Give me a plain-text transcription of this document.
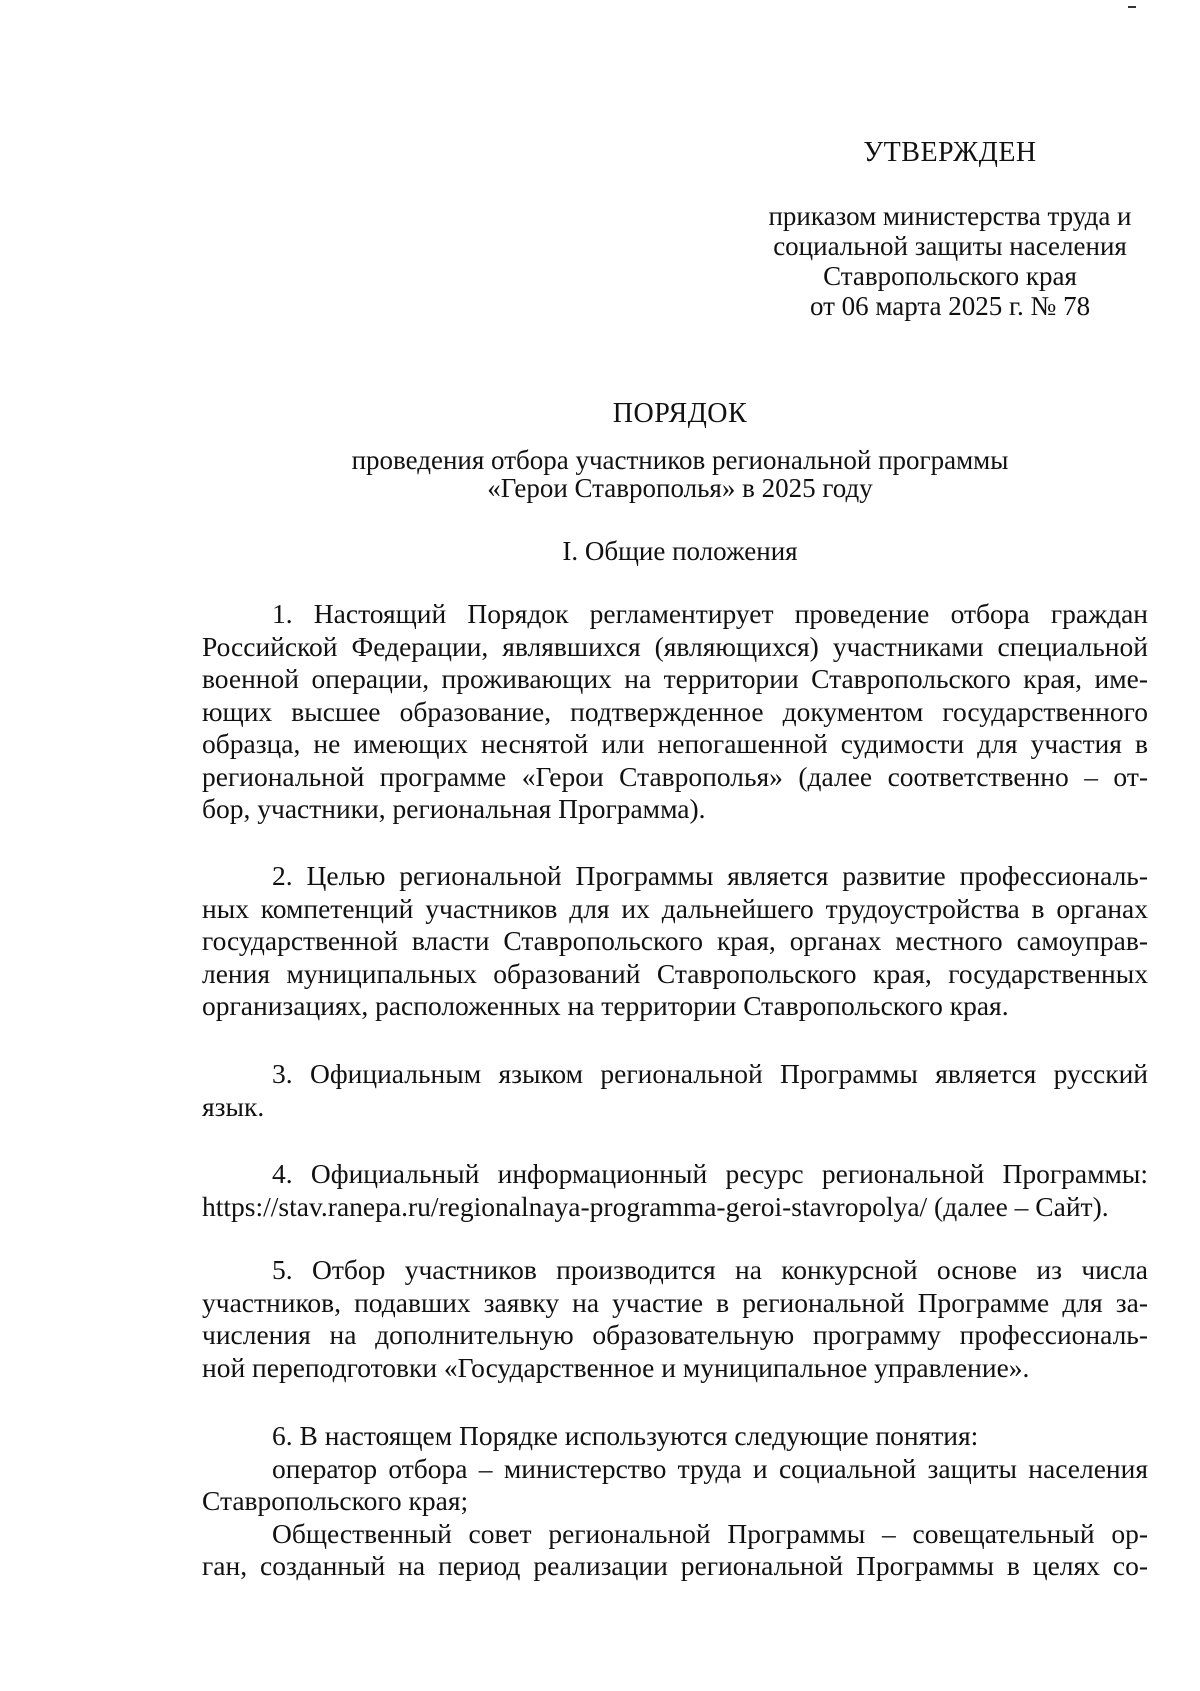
УТВЕРЖДЕН
приказом министерства труда и
социальной защиты населения
Ставропольского края
от 06 марта 2025 г. № 78
ПОРЯДОК
проведения отбора участников региональной программы
«Герои Ставрополья» в 2025 году
I. Общие положения
1. Настоящий Порядок регламентирует проведение отбора граждан
Российской Федерации, являвшихся (являющихся) участниками специальной
военной операции, проживающих на территории Ставропольского края, име-
ющих высшее образование, подтвержденное документом государственного
образца, не имеющих неснятой или непогашенной судимости для участия в
региональной программе «Герои Ставрополья» (далее соответственно – от-
бор, участники, региональная Программа).
2. Целью региональной Программы является развитие профессиональ-
ных компетенций участников для их дальнейшего трудоустройства в органах
государственной власти Ставропольского края, органах местного самоуправ-
ления муниципальных образований Ставропольского края, государственных
организациях, расположенных на территории Ставропольского края.
3. Официальным языком региональной Программы является русский
язык.
4. Официальный информационный ресурс региональной Программы:
https://stav.ranepa.ru/regionalnaya-programma-geroi-stavropolya/ (далее – Сайт).
5. Отбор участников производится на конкурсной основе из числа
участников, подавших заявку на участие в региональной Программе для за-
числения на дополнительную образовательную программу профессиональ-
ной переподготовки «Государственное и муниципальное управление».
6. В настоящем Порядке используются следующие понятия:
оператор отбора – министерство труда и социальной защиты населения
Ставропольского края;
Общественный совет региональной Программы – совещательный ор-
ган, созданный на период реализации региональной Программы в целях со-
